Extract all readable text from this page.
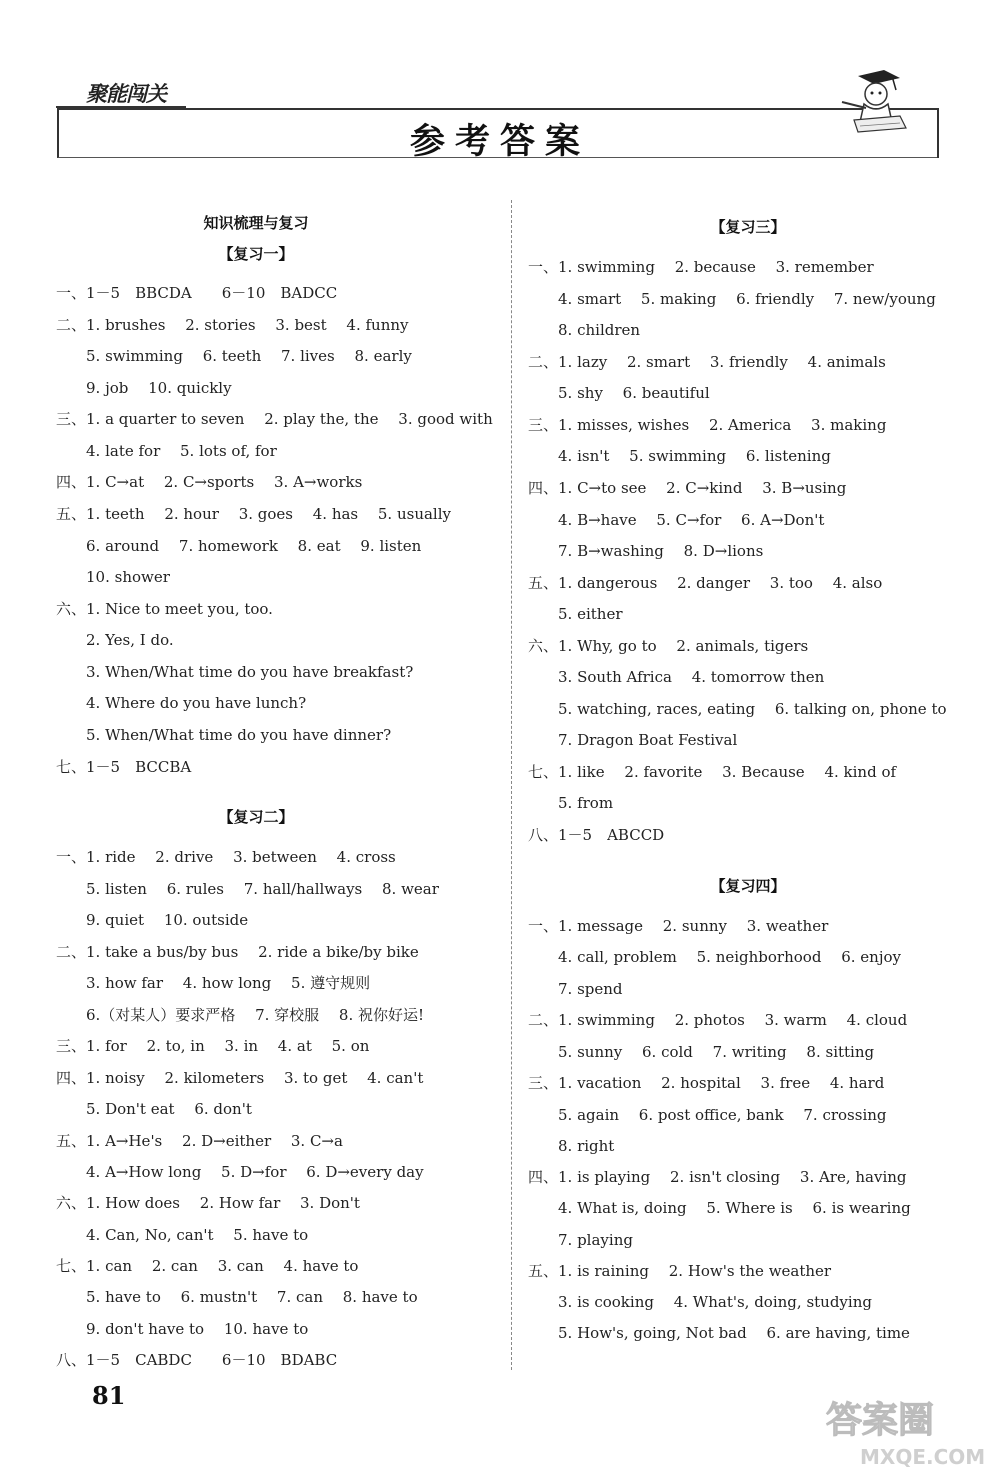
聚能闯关
参考答案
知识梳理与复习
【复习一】
一、1－5　BBCDA　　6－10　BADCC
二、1. brushes　 2. stories　 3. best　 4. funny
　　5. swimming　 6. teeth　 7. lives　 8. early
　　9. job　 10. quickly
三、1. a quarter to seven　 2. play the, the　 3. good with
　　4. late for　 5. lots of, for
四、1. C→at　 2. C→sports　 3. A→works
五、1. teeth　 2. hour　 3. goes　 4. has　 5. usually
　　6. around　 7. homework　 8. eat　 9. listen
　　10. shower
六、1. Nice to meet you, too.
　　2. Yes, I do.
　　3. When/What time do you have breakfast?
　　4. Where do you have lunch?
　　5. When/What time do you have dinner?
七、1－5　BCCBA
【复习二】
一、1. ride　 2. drive　 3. between　 4. cross
　　5. listen　 6. rules　 7. hall/hallways　 8. wear
　　9. quiet　 10. outside
二、1. take a bus/by bus　 2. ride a bike/by bike
　　3. how far　 4. how long　 5. 遵守规则
　　6.（对某人）要求严格　 7. 穿校服　 8. 祝你好运!
三、1. for　 2. to, in　 3. in　 4. at　 5. on
四、1. noisy　 2. kilometers　 3. to get　 4. can't
　　5. Don't eat　 6. don't
五、1. A→He's　 2. D→either　 3. C→a
　　4. A→How long　 5. D→for　 6. D→every day
六、1. How does　 2. How far　 3. Don't
　　4. Can, No, can't　 5. have to
七、1. can　 2. can　 3. can　 4. have to
　　5. have to　 6. mustn't　 7. can　 8. have to
　　9. don't have to　 10. have to
八、1－5　CABDC　　6－10　BDABC
【复习三】
一、1. swimming　 2. because　 3. remember
　　4. smart　 5. making　 6. friendly　 7. new/young
　　8. children
二、1. lazy　 2. smart　 3. friendly　 4. animals
　　5. shy　 6. beautiful
三、1. misses, wishes　 2. America　 3. making
　　4. isn't　 5. swimming　 6. listening
四、1. C→to see　 2. C→kind　 3. B→using
　　4. B→have　 5. C→for　 6. A→Don't
　　7. B→washing　 8. D→lions
五、1. dangerous　 2. danger　 3. too　 4. also
　　5. either
六、1. Why, go to　 2. animals, tigers
　　3. South Africa　 4. tomorrow then
　　5. watching, races, eating　 6. talking on, phone to
　　7. Dragon Boat Festival
七、1. like　 2. favorite　 3. Because　 4. kind of
　　5. from
八、1－5　ABCCD
【复习四】
一、1. message　 2. sunny　 3. weather
　　4. call, problem　 5. neighborhood　 6. enjoy
　　7. spend
二、1. swimming　 2. photos　 3. warm　 4. cloud
　　5. sunny　 6. cold　 7. writing　 8. sitting
三、1. vacation　 2. hospital　 3. free　 4. hard
　　5. again　 6. post office, bank　 7. crossing
　　8. right
四、1. is playing　 2. isn't closing　 3. Are, having
　　4. What is, doing　 5. Where is　 6. is wearing
　　7. playing
五、1. is raining　 2. How's the weather
　　3. is cooking　 4. What's, doing, studying
　　5. How's, going, Not bad　 6. are having, time
81
答案圈
MXQE.COM
